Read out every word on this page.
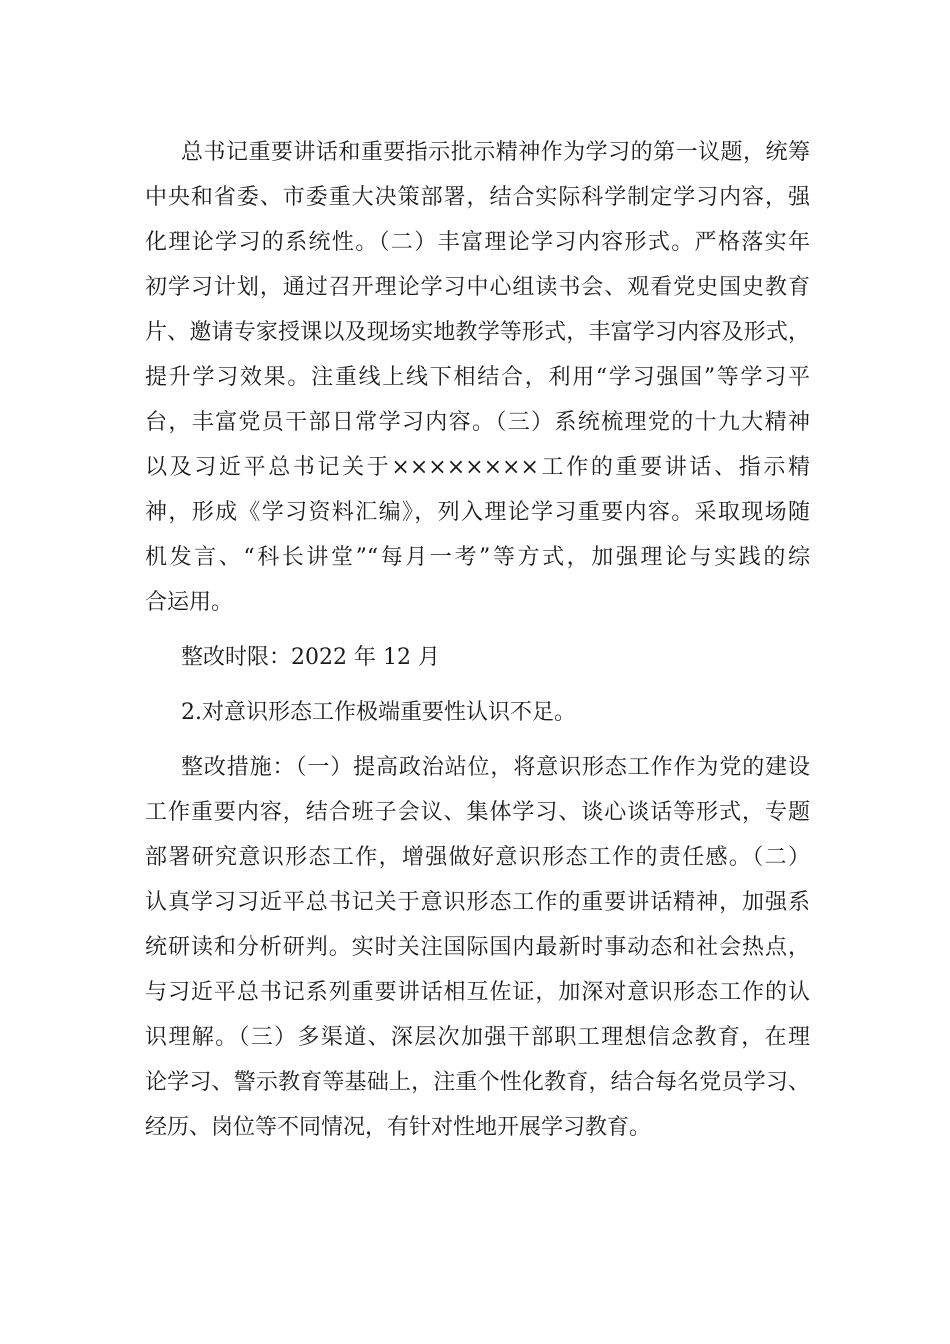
总书记重要讲话和重要指示批示精神作为学习的第一议题，统筹
中央和省委、市委重大决策部署，结合实际科学制定学习内容，强
化理论学习的系统性。（二）丰富理论学习内容形式。严格落实年
初学习计划，通过召开理论学习中心组读书会、观看党史国史教育
片、邀请专家授课以及现场实地教学等形式，丰富学习内容及形式，
提升学习效果。注重线上线下相结合，利用“学习强国”等学习平
台，丰富党员干部日常学习内容。（三）系统梳理党的十九大精神
以及习近平总书记关于××××××××工作的重要讲话、指示精
神，形成《学习资料汇编》，列入理论学习重要内容。采取现场随
机发言、“科长讲堂”“每月一考”等方式，加强理论与实践的综
合运用。
整改时限：2022 年 12 月
2.对意识形态工作极端重要性认识不足。
整改措施：（一）提高政治站位，将意识形态工作作为党的建设
工作重要内容，结合班子会议、集体学习、谈心谈话等形式，专题
部署研究意识形态工作，增强做好意识形态工作的责任感。（二）
认真学习习近平总书记关于意识形态工作的重要讲话精神，加强系
统研读和分析研判。实时关注国际国内最新时事动态和社会热点，
与习近平总书记系列重要讲话相互佐证，加深对意识形态工作的认
识理解。（三）多渠道、深层次加强干部职工理想信念教育，在理
论学习、警示教育等基础上，注重个性化教育，结合每名党员学习、
经历、岗位等不同情况，有针对性地开展学习教育。
